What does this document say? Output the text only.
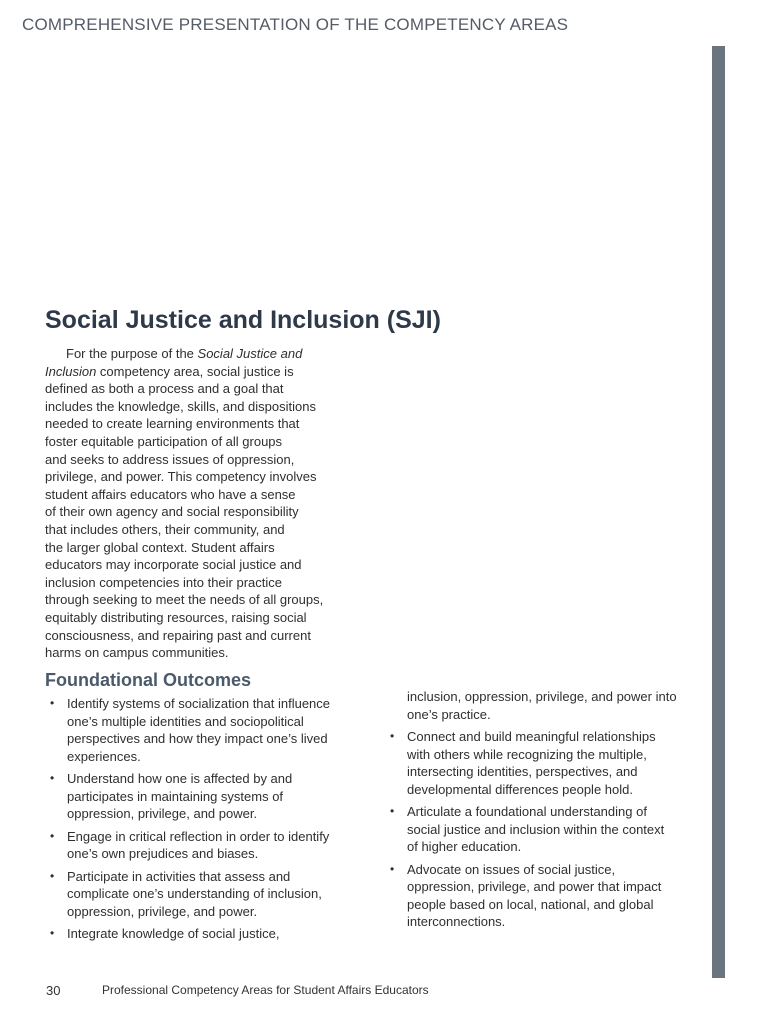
COMPREHENSIVE PRESENTATION OF THE COMPETENCY AREAS
Social Justice and Inclusion (SJI)
For the purpose of the Social Justice and
Inclusion competency area, social justice is
defined as both a process and a goal that
includes the knowledge, skills, and dispositions
needed to create learning environments that
foster equitable participation of all groups
and seeks to address issues of oppression,
privilege, and power. This competency involves
student affairs educators who have a sense
of their own agency and social responsibility
that includes others, their community, and
the larger global context. Student affairs
educators may incorporate social justice and
inclusion competencies into their practice
through seeking to meet the needs of all groups,
equitably distributing resources, raising social
consciousness, and repairing past and current
harms on campus communities.
Foundational Outcomes
• Identify systems of socialization that influence
one’s multiple identities and sociopolitical
perspectives and how they impact one’s lived
experiences.
• Understand how one is affected by and
participates in maintaining systems of
oppression, privilege, and power.
• Engage in critical reflection in order to identify
one’s own prejudices and biases.
• Participate in activities that assess and
complicate one’s understanding of inclusion,
oppression, privilege, and power.
• Integrate knowledge of social justice,
inclusion, oppression, privilege, and power into
one’s practice.
• Connect and build meaningful relationships
with others while recognizing the multiple,
intersecting identities, perspectives, and
developmental differences people hold.
• Articulate a foundational understanding of
social justice and inclusion within the context
of higher education.
• Advocate on issues of social justice,
oppression, privilege, and power that impact
people based on local, national, and global
interconnections.
30	Professional Competency Areas for Student Affairs Educators
